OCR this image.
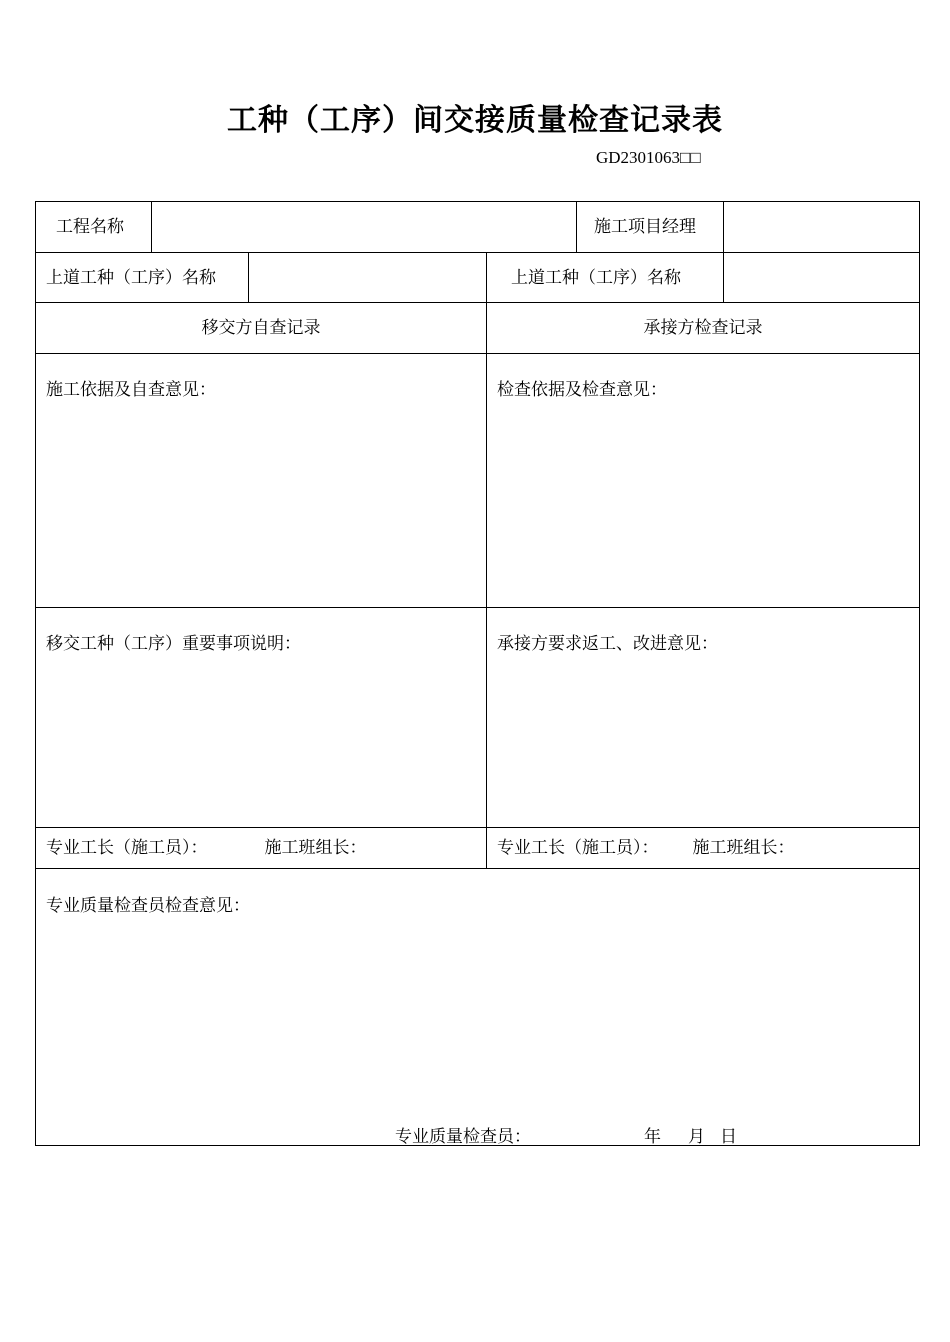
工种（工序）间交接质量检查记录表
GD2301063□□
工程名称	施工项目经理
上道工种（工序）名称	上道工种（工序）名称
移交方自查记录	承接方检查记录
施工依据及自查意见：	检查依据及检查意见：
移交工种（工序）重要事项说明：	承接方要求返工、改进意见：
专业工长（施工员）：	施工班组长：	专业工长（施工员）： 施工班组长：
专业质量检查员检查意见：
专业质量检查员：	年 月 日
